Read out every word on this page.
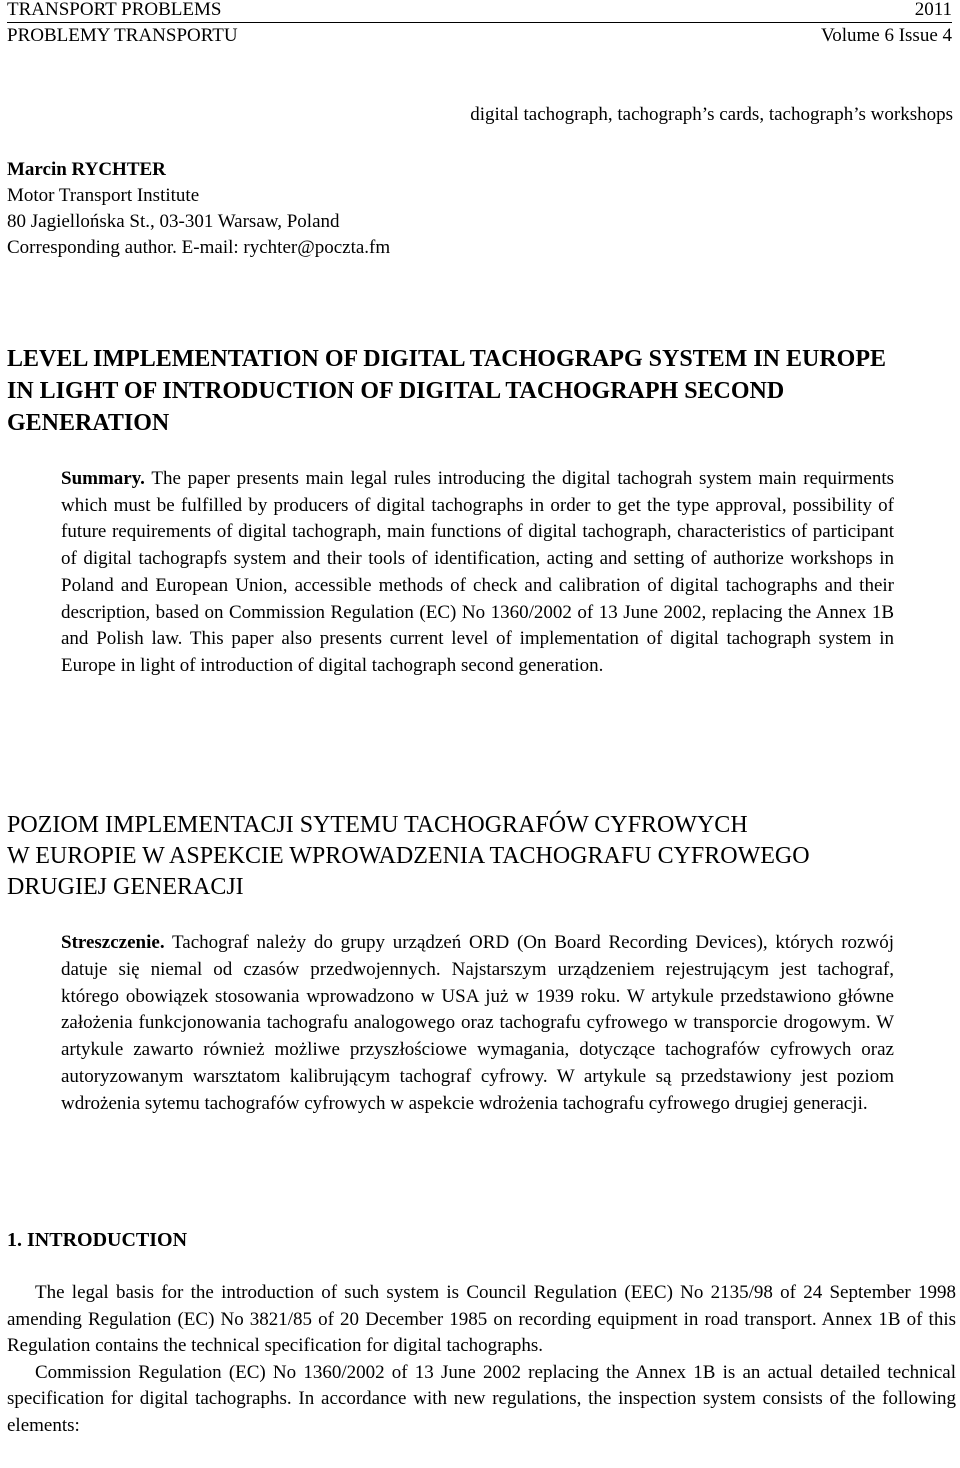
TRANSPORT PROBLEMS	2011
PROBLEMY TRANSPORTU	Volume 6 Issue 4
digital tachograph, tachograph’s cards, tachograph’s workshops
Marcin RYCHTER
Motor Transport Institute
80 Jagiellońska St., 03-301 Warsaw, Poland
Corresponding author. E-mail: rychter@poczta.fm
LEVEL IMPLEMENTATION OF DIGITAL TACHOGRAPG SYSTEM IN EUROPE IN LIGHT OF INTRODUCTION OF DIGITAL TACHOGRAPH SECOND GENERATION
Summary. The paper presents main legal rules introducing the digital tachograh system main requirments which must be fulfilled by producers of digital tachographs in order to get the type approval, possibility of future requirements of digital tachograph, main functions of digital tachograph, characteristics of participant of digital tachograpfs system and their tools of identification, acting and setting of authorize workshops in Poland and European Union, accessible methods of check and calibration of digital tachographs and their description, based on Commission Regulation (EC) No 1360/2002 of 13 June 2002, replacing the Annex 1B and Polish law. This paper also presents current level of implementation of digital tachograph system in Europe in light of introduction of digital tachograph second generation.
POZIOM IMPLEMENTACJI SYTEMU TACHOGRAFÓW CYFROWYCH
W EUROPIE W ASPEKCIE WPROWADZENIA TACHOGRAFU CYFROWEGO
DRUGIEJ GENERACJI
Streszczenie. Tachograf należy do grupy urządzeń ORD (On Board Recording Devices), których rozwój datuje się niemal od czasów przedwojennych. Najstarszym urządzeniem rejestrującym jest tachograf, którego obowiązek stosowania wprowadzono w USA już w 1939 roku. W artykule przedstawiono główne założenia funkcjonowania tachografu analogowego oraz tachografu cyfrowego w transporcie drogowym. W artykule zawarto również możliwe przyszłościowe wymagania, dotyczące tachografów cyfrowych oraz autoryzowanym warsztatom kalibrującym tachograf cyfrowy. W artykule są przedstawiony jest poziom wdrożenia sytemu tachografów cyfrowych w aspekcie wdrożenia tachografu cyfrowego drugiej generacji.
1. INTRODUCTION

The legal basis for the introduction of such system is Council Regulation (EEC) No 2135/98 of 24 September 1998 amending Regulation (EC) No 3821/85 of 20 December 1985 on recording equipment in road transport. Annex 1B of this Regulation contains the technical specification for digital tachographs.

Commission Regulation (EC) No 1360/2002 of 13 June 2002 replacing the Annex 1B is an actual detailed technical specification for digital tachographs. In accordance with new regulations, the inspection system consists of the following elements:
